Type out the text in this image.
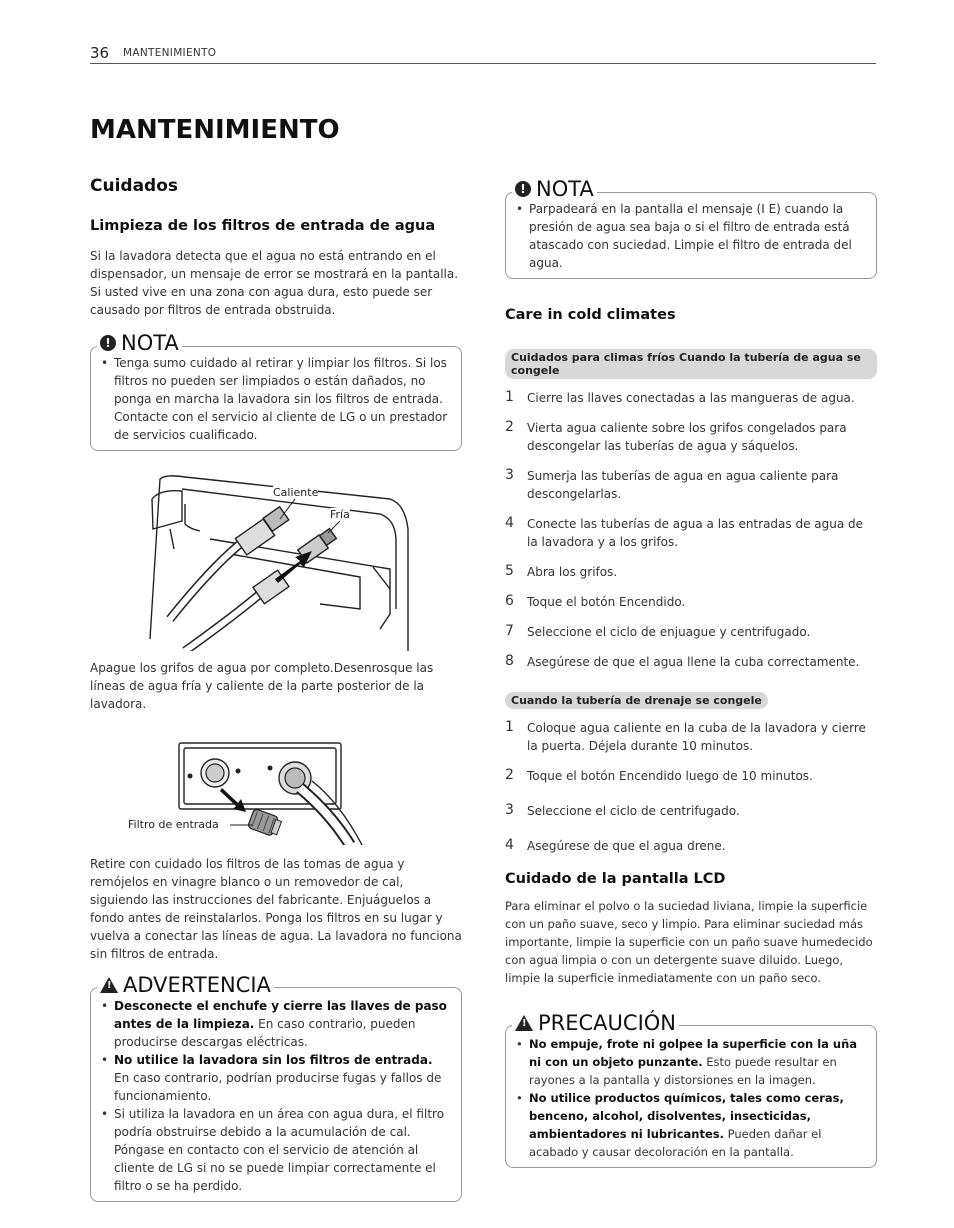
36 MANTENIMIENTO
MANTENIMIENTO
Cuidados
Limpieza de los filtros de entrada de agua

Si la lavadora detecta que el agua no está entrando en el dispensador, un mensaje de error se mostrará en la pantalla. Si usted vive en una zona con agua dura, esto puede ser causado por filtros de entrada obstruida.

! NOTA
• Tenga sumo cuidado al retirar y limpiar los filtros. Si los filtros no pueden ser limpiados o están dañados, no ponga en marcha la lavadora sin los filtros de entrada. Contacte con el servicio al cliente de LG o un prestador de servicios cualificado.
Caliente
Fría

Apague los grifos de agua por completo.Desenrosque las líneas de agua fría y caliente de la parte posterior de la lavadora.

Filtro de entrada

Retire con cuidado los filtros de las tomas de agua y remójelos en vinagre blanco o un removedor de cal, siguiendo las instrucciones del fabricante. Enjuáguelos a fondo antes de reinstalarlos. Ponga los filtros en su lugar y vuelva a conectar las líneas de agua. La lavadora no funciona sin filtros de entrada.

!
ADVERTENCIA
• Desconecte el enchufe y cierre las llaves de paso antes de la limpieza. En caso contrario, pueden producirse descargas eléctricas.
• No utilice la lavadora sin los filtros de entrada. En caso contrario, podrían producirse fugas y fallos de funcionamiento.
• Si utiliza la lavadora en un área con agua dura, el filtro podría obstruirse debido a la acumulación de cal. Póngase en contacto con el servicio de atención al cliente de LG si no se puede limpiar correctamente el filtro o se ha perdido.
! NOTA
• Parpadeará en la pantalla el mensaje (I E) cuando la presión de agua sea baja o si el filtro de entrada está atascado con suciedad. Limpie el filtro de entrada del agua.
Care in cold climates
Cuidados para climas fríos Cuando la tubería de agua se congele
1 Cierre las llaves conectadas a las mangueras de agua.
2 Vierta agua caliente sobre los grifos congelados para descongelar las tuberías de agua y sáquelos.
3 Sumerja las tuberías de agua en agua caliente para descongelarlas.
4 Conecte las tuberías de agua a las entradas de agua de la lavadora y a los grifos.
5 Abra los grifos.
6 Toque el botón Encendido.
7 Seleccione el ciclo de enjuague y centrifugado.
8 Asegúrese de que el agua llene la cuba correctamente.
Cuando la tubería de drenaje se congele
1 Coloque agua caliente en la cuba de la lavadora y cierre la puerta. Déjela durante 10 minutos.
2 Toque el botón Encendido luego de 10 minutos.
3 Seleccione el ciclo de centrifugado.
4 Asegúrese de que el agua drene.
Cuidado de la pantalla LCD

Para eliminar el polvo o la suciedad liviana, limpie la superficie con un paño suave, seco y limpio. Para eliminar suciedad más importante, limpie la superficie con un paño suave humedecido con agua limpia o con un detergente suave diluido. Luego, limpie la superficie inmediatamente con un paño seco.

!
PRECAUCIÓN
• No empuje, frote ni golpee la superficie con la uña ni con un objeto punzante. Esto puede resultar en rayones a la pantalla y distorsiones en la imagen.
• No utilice productos químicos, tales como ceras, benceno, alcohol, disolventes, insecticidas, ambientadores ni lubricantes. Pueden dañar el acabado y causar decoloración en la pantalla.
